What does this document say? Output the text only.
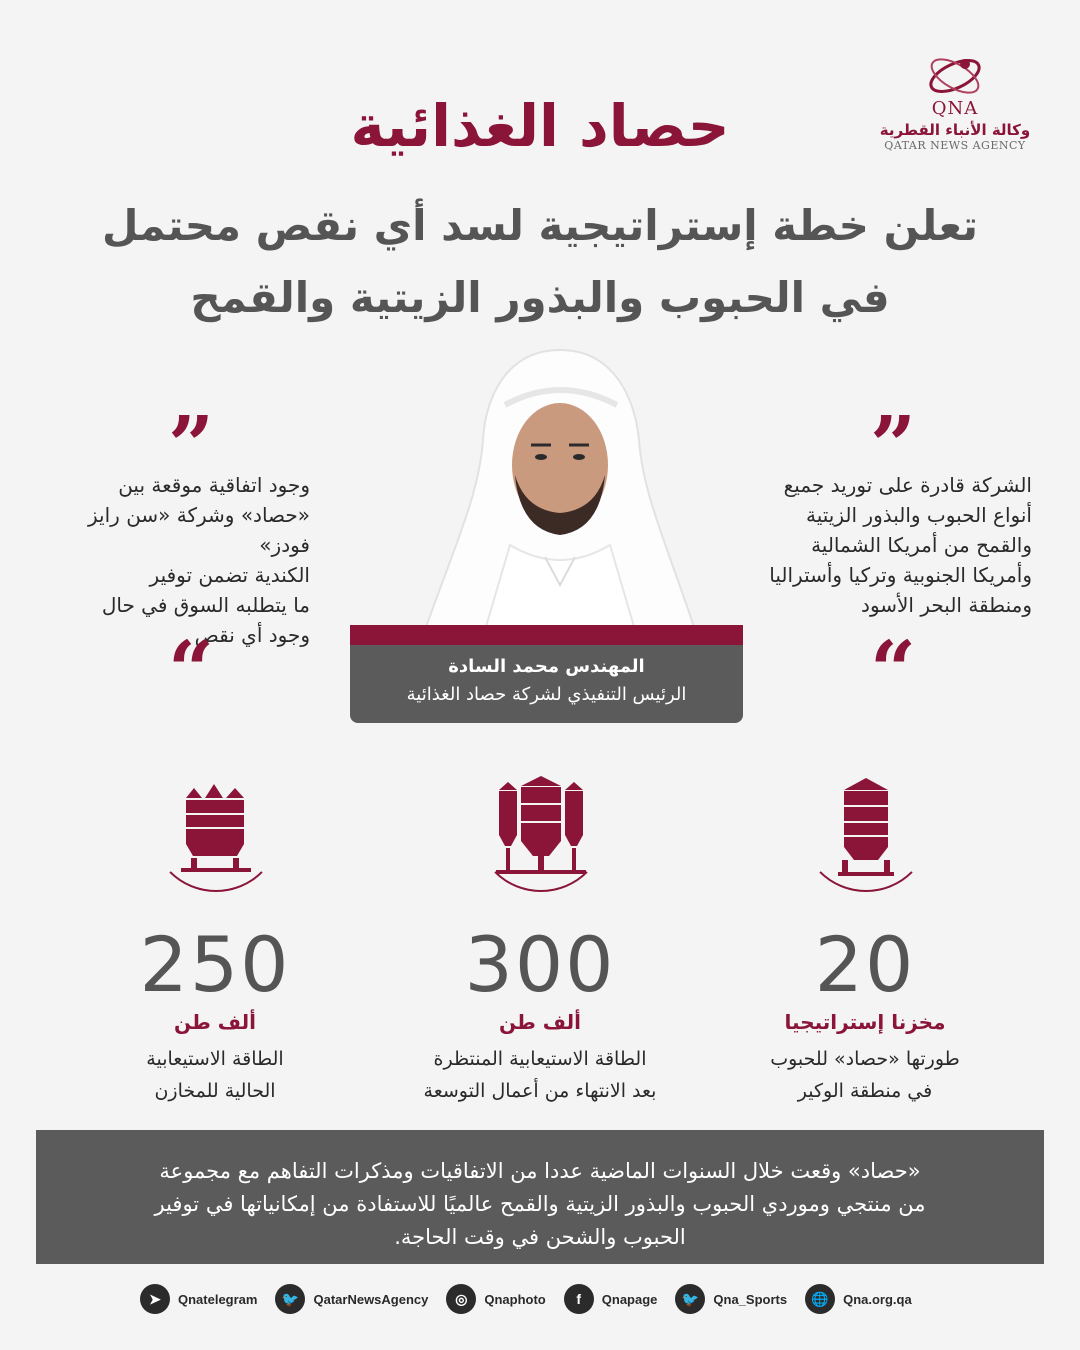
QNA
وكالة الأنباء القطرية
QATAR NEWS AGENCY
حصاد الغذائية
تعلن خطة إستراتيجية لسد أي نقص محتمل
في الحبوب والبذور الزيتية والقمح
”
وجود اتفاقية موقعة بين
«حصاد» وشركة «سن رايز فودز»
الكندية تضمن توفير
ما يتطلبه السوق في حال
وجود أي نقص
“
”
الشركة قادرة على توريد جميع
أنواع الحبوب والبذور الزيتية
والقمح من أمريكا الشمالية
وأمريكا الجنوبية وتركيا وأستراليا
ومنطقة البحر الأسود
“
المهندس محمد السادة
الرئيس التنفيذي لشركة حصاد الغذائية
250
ألف طن
الطاقة الاستيعابية
الحالية للمخازن
300
ألف طن
الطاقة الاستيعابية المنتظرة
بعد الانتهاء من أعمال التوسعة
20
مخزنا إستراتيجيا
طورتها «حصاد» للحبوب
في منطقة الوكير
«حصاد» وقعت خلال السنوات الماضية عددا من الاتفاقيات ومذكرات التفاهم مع مجموعة
من منتجي وموردي الحبوب والبذور الزيتية والقمح عالميًا للاستفادة من إمكانياتها في توفير
الحبوب والشحن في وقت الحاجة.
➤	Qnatelegram	🐦	QatarNewsAgency	◎	Qnaphoto	f	Qnapage	🐦	Qna_Sports	🌐	Qna.org.qa
